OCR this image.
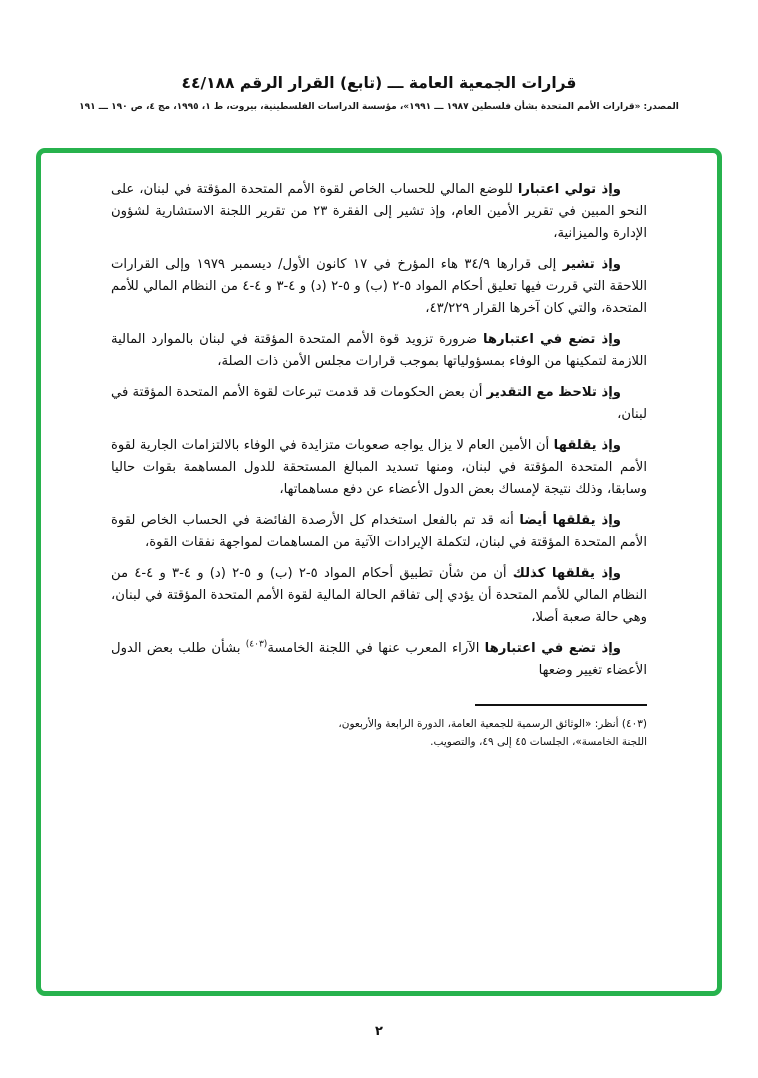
قرارات الجمعية العامة ـــ (تابع) القرار الرقم ٤٤/١٨٨
المصدر: «قرارات الأمم المتحدة بشأن فلسطين ١٩٨٧ ـــ ١٩٩١»، مؤسسة الدراسات الفلسطينية، بيروت، ط ١، ١٩٩٥، مج ٤، ص ١٩٠ ـــ ١٩١

وإذ تولي اعتبارا للوضع المالي للحساب الخاص لقوة الأمم المتحدة المؤقتة في لبنان، على النحو المبين في تقرير الأمين العام، وإذ تشير إلى الفقرة ٢٣ من تقرير اللجنة الاستشارية لشؤون الإدارة والميزانية،

وإذ تشير إلى قرارها ٣٤/٩ هاء المؤرخ في ١٧ كانون الأول/ ديسمبر ١٩٧٩ وإلى القرارات اللاحقة التي قررت فيها تعليق أحكام المواد ٥-٢ (ب) و ٥-٢ (د) و ٤-٣ و ٤-٤ من النظام المالي للأمم المتحدة، والتي كان آخرها القرار ٤٣/٢٢٩،

وإذ تضع في اعتبارها ضرورة تزويد قوة الأمم المتحدة المؤقتة في لبنان بالموارد المالية اللازمة لتمكينها من الوفاء بمسؤولياتها بموجب قرارات مجلس الأمن ذات الصلة،

وإذ تلاحظ مع التقدير أن بعض الحكومات قد قدمت تبرعات لقوة الأمم المتحدة المؤقتة في لبنان،

وإذ يقلقها أن الأمين العام لا يزال يواجه صعوبات متزايدة في الوفاء بالالتزامات الجارية لقوة الأمم المتحدة المؤقتة في لبنان، ومنها تسديد المبالغ المستحقة للدول المساهمة بقوات حاليا وسابقا، وذلك نتيجة لإمساك بعض الدول الأعضاء عن دفع مساهماتها،

وإذ يقلقها أيضا أنه قد تم بالفعل استخدام كل الأرصدة الفائضة في الحساب الخاص لقوة الأمم المتحدة المؤقتة في لبنان، لتكملة الإيرادات الآتية من المساهمات لمواجهة نفقات القوة،

وإذ يقلقها كذلك أن من شأن تطبيق أحكام المواد ٥-٢ (ب) و ٥-٢ (د) و ٤-٣ و ٤-٤ من النظام المالي للأمم المتحدة أن يؤدي إلى تفاقم الحالة المالية لقوة الأمم المتحدة المؤقتة في لبنان، وهي حالة صعبة أصلا،

وإذ تضع في اعتبارها الآراء المعرب عنها في اللجنة الخامسة$^{(٤٠٣)}$ بشأن طلب بعض الدول الأعضاء تغيير وضعها

(٤٠٣) أنظر: «الوثائق الرسمية للجمعية العامة، الدورة الرابعة والأربعون،
اللجنة الخامسة»، الجلسات ٤٥ إلى ٤٩، والتصويب.
٢
